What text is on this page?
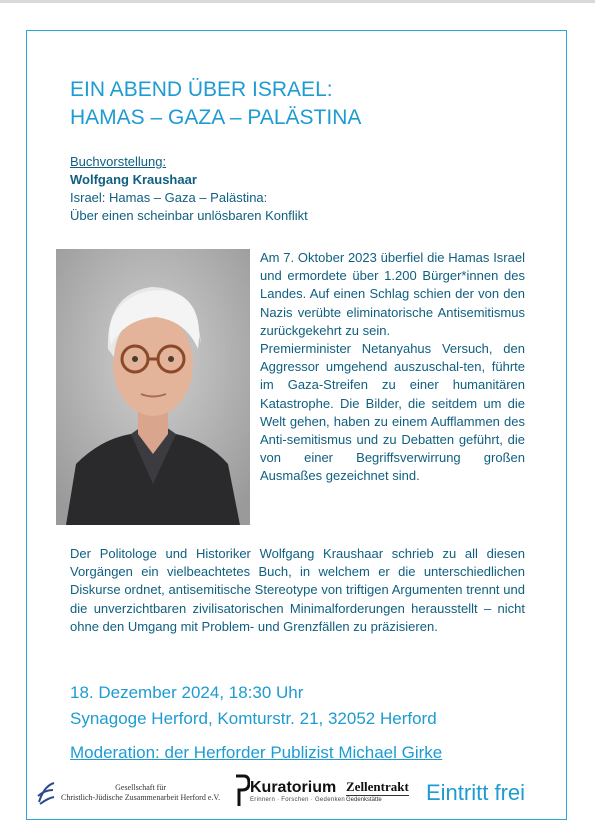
EIN ABEND ÜBER ISRAEL:
HAMAS – GAZA – PALÄSTINA
Buchvorstellung:
Wolfgang Kraushaar
Israel: Hamas – Gaza – Palästina:
Über einen scheinbar unlösbaren Konflikt

Am 7. Oktober 2023 überfiel die Hamas Israel und ermordete über 1.200 Bürger*innen des Landes. Auf einen Schlag schien der von den Nazis verübte eliminatorische Antisemitismus zurückgekehrt zu sein.

Premierminister Netanyahus Versuch, den Aggressor umgehend auszuschal-ten, führte im Gaza-Streifen zu einer humanitären Katastrophe. Die Bilder, die seitdem um die Welt gehen, haben zu einem Aufflammen des Anti-semitismus und zu Debatten geführt, die von einer Begriffsverwirrung großen Ausmaßes gezeichnet sind.

Der Politologe und Historiker Wolfgang Kraushaar schrieb zu all diesen Vorgängen ein vielbeachtetes Buch, in welchem er die unterschiedlichen Diskurse ordnet, antisemitische Stereotype von triftigen Argumenten trennt und die unverzichtbaren zivilisatorischen Minimalforderungen herausstellt – nicht ohne den Umgang mit Problem- und Grenzfällen zu präzisieren.
18. Dezember 2024, 18:30 Uhr
Synagoge Herford, Komturstr. 21, 32052 Herford
Moderation: der Herforder Publizist Michael Girke
Gesellschaft für
Christlich-Jüdische Zusammenarbeit Herford e.V.
Kuratorium
Erinnern · Forschen · Gedenken
Zellentrakt
Gedenkstätte	Eintritt frei
